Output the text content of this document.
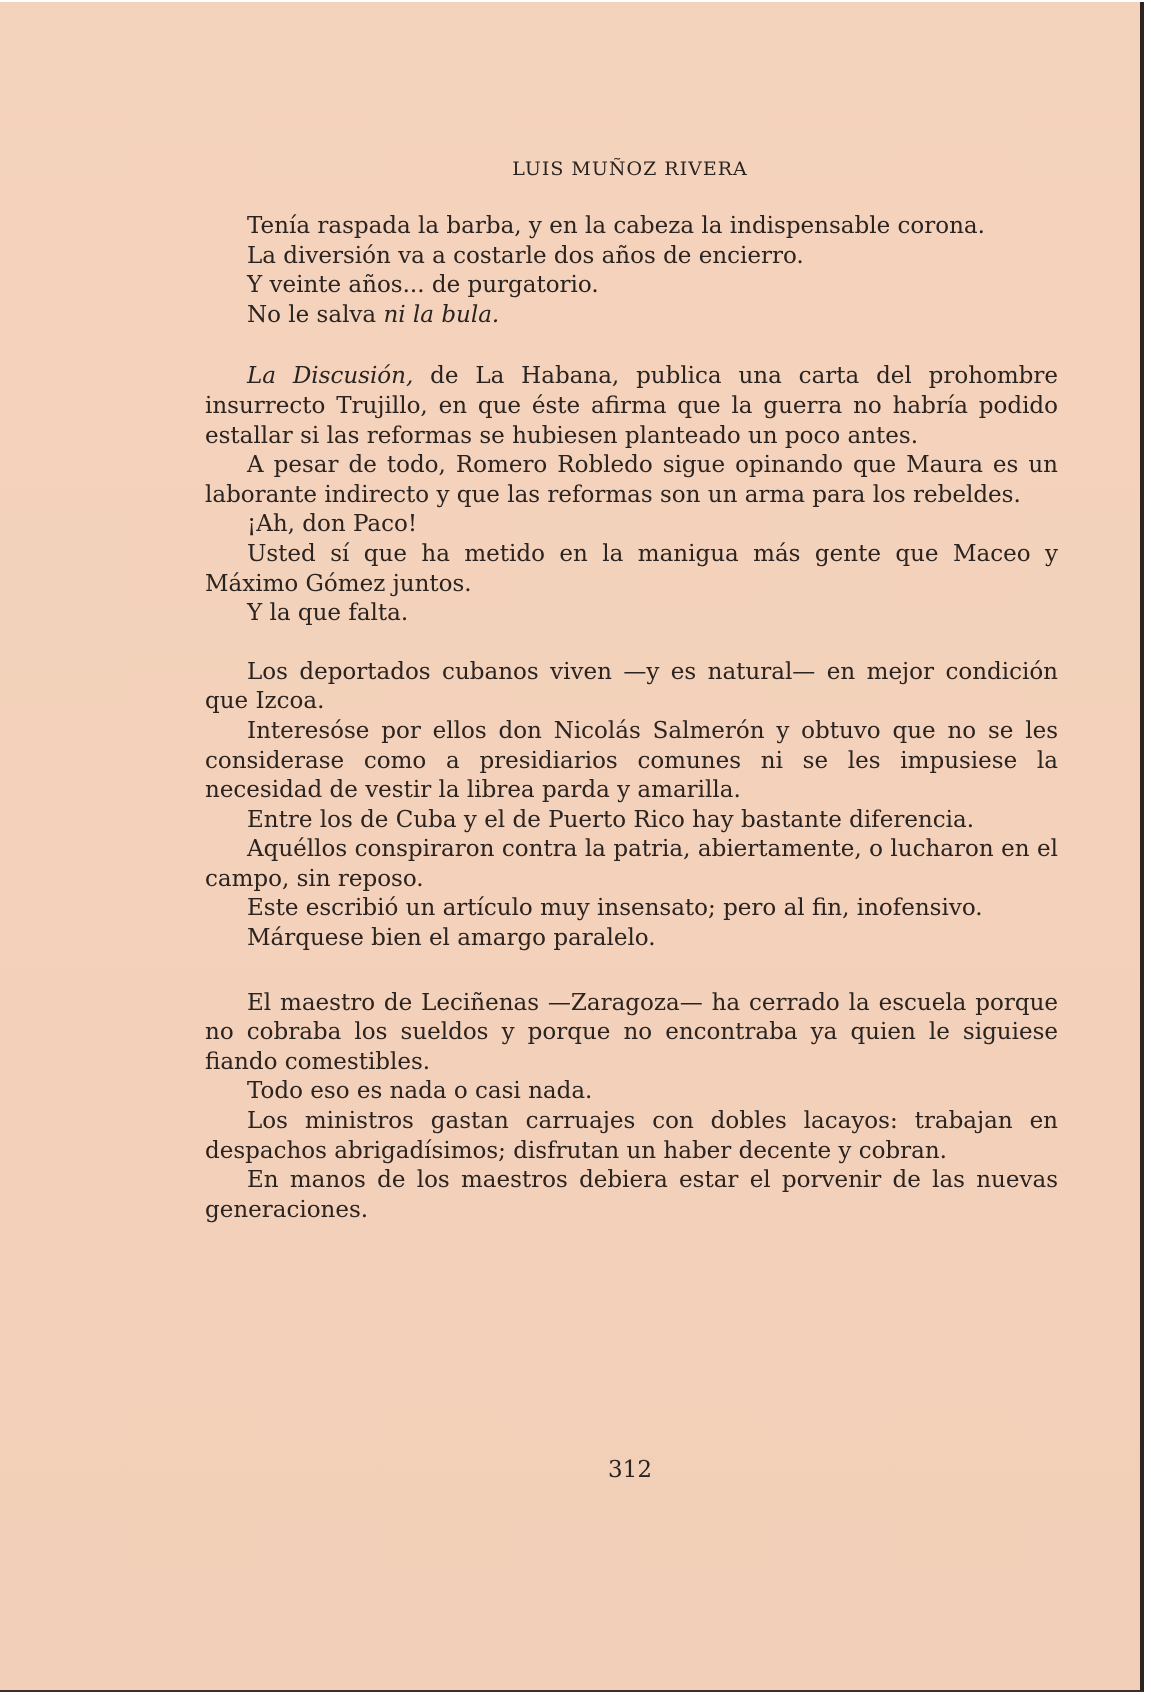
LUIS MUÑOZ RIVERA

Tenía raspada la barba, y en la cabeza la indispensable corona.

La diversión va a costarle dos años de encierro.

Y veinte años... de purgatorio.

No le salva ni la bula.

La Discusión, de La Habana, publica una carta del prohombre insurrecto Trujillo, en que éste afirma que la guerra no habría podido estallar si las reformas se hubiesen planteado un poco antes.

A pesar de todo, Romero Robledo sigue opinando que Maura es un laborante indirecto y que las reformas son un arma para los rebeldes.

¡Ah, don Paco!

Usted sí que ha metido en la manigua más gente que Maceo y Máximo Gómez juntos.

Y la que falta.

Los deportados cubanos viven —y es natural— en mejor condición que Izcoa.

Interesóse por ellos don Nicolás Salmerón y obtuvo que no se les considerase como a presidiarios comunes ni se les impusiese la necesidad de vestir la librea parda y amarilla.

Entre los de Cuba y el de Puerto Rico hay bastante diferencia.

Aquéllos conspiraron contra la patria, abiertamente, o lucharon en el campo, sin reposo.

Este escribió un artículo muy insensato; pero al fin, inofensivo.

Márquese bien el amargo paralelo.

El maestro de Leciñenas —Zaragoza— ha cerrado la escuela porque no cobraba los sueldos y porque no encontraba ya quien le siguiese fiando comestibles.

Todo eso es nada o casi nada.

Los ministros gastan carruajes con dobles lacayos: trabajan en despachos abrigadísimos; disfrutan un haber decente y cobran.

En manos de los maestros debiera estar el porvenir de las nuevas generaciones.

312
